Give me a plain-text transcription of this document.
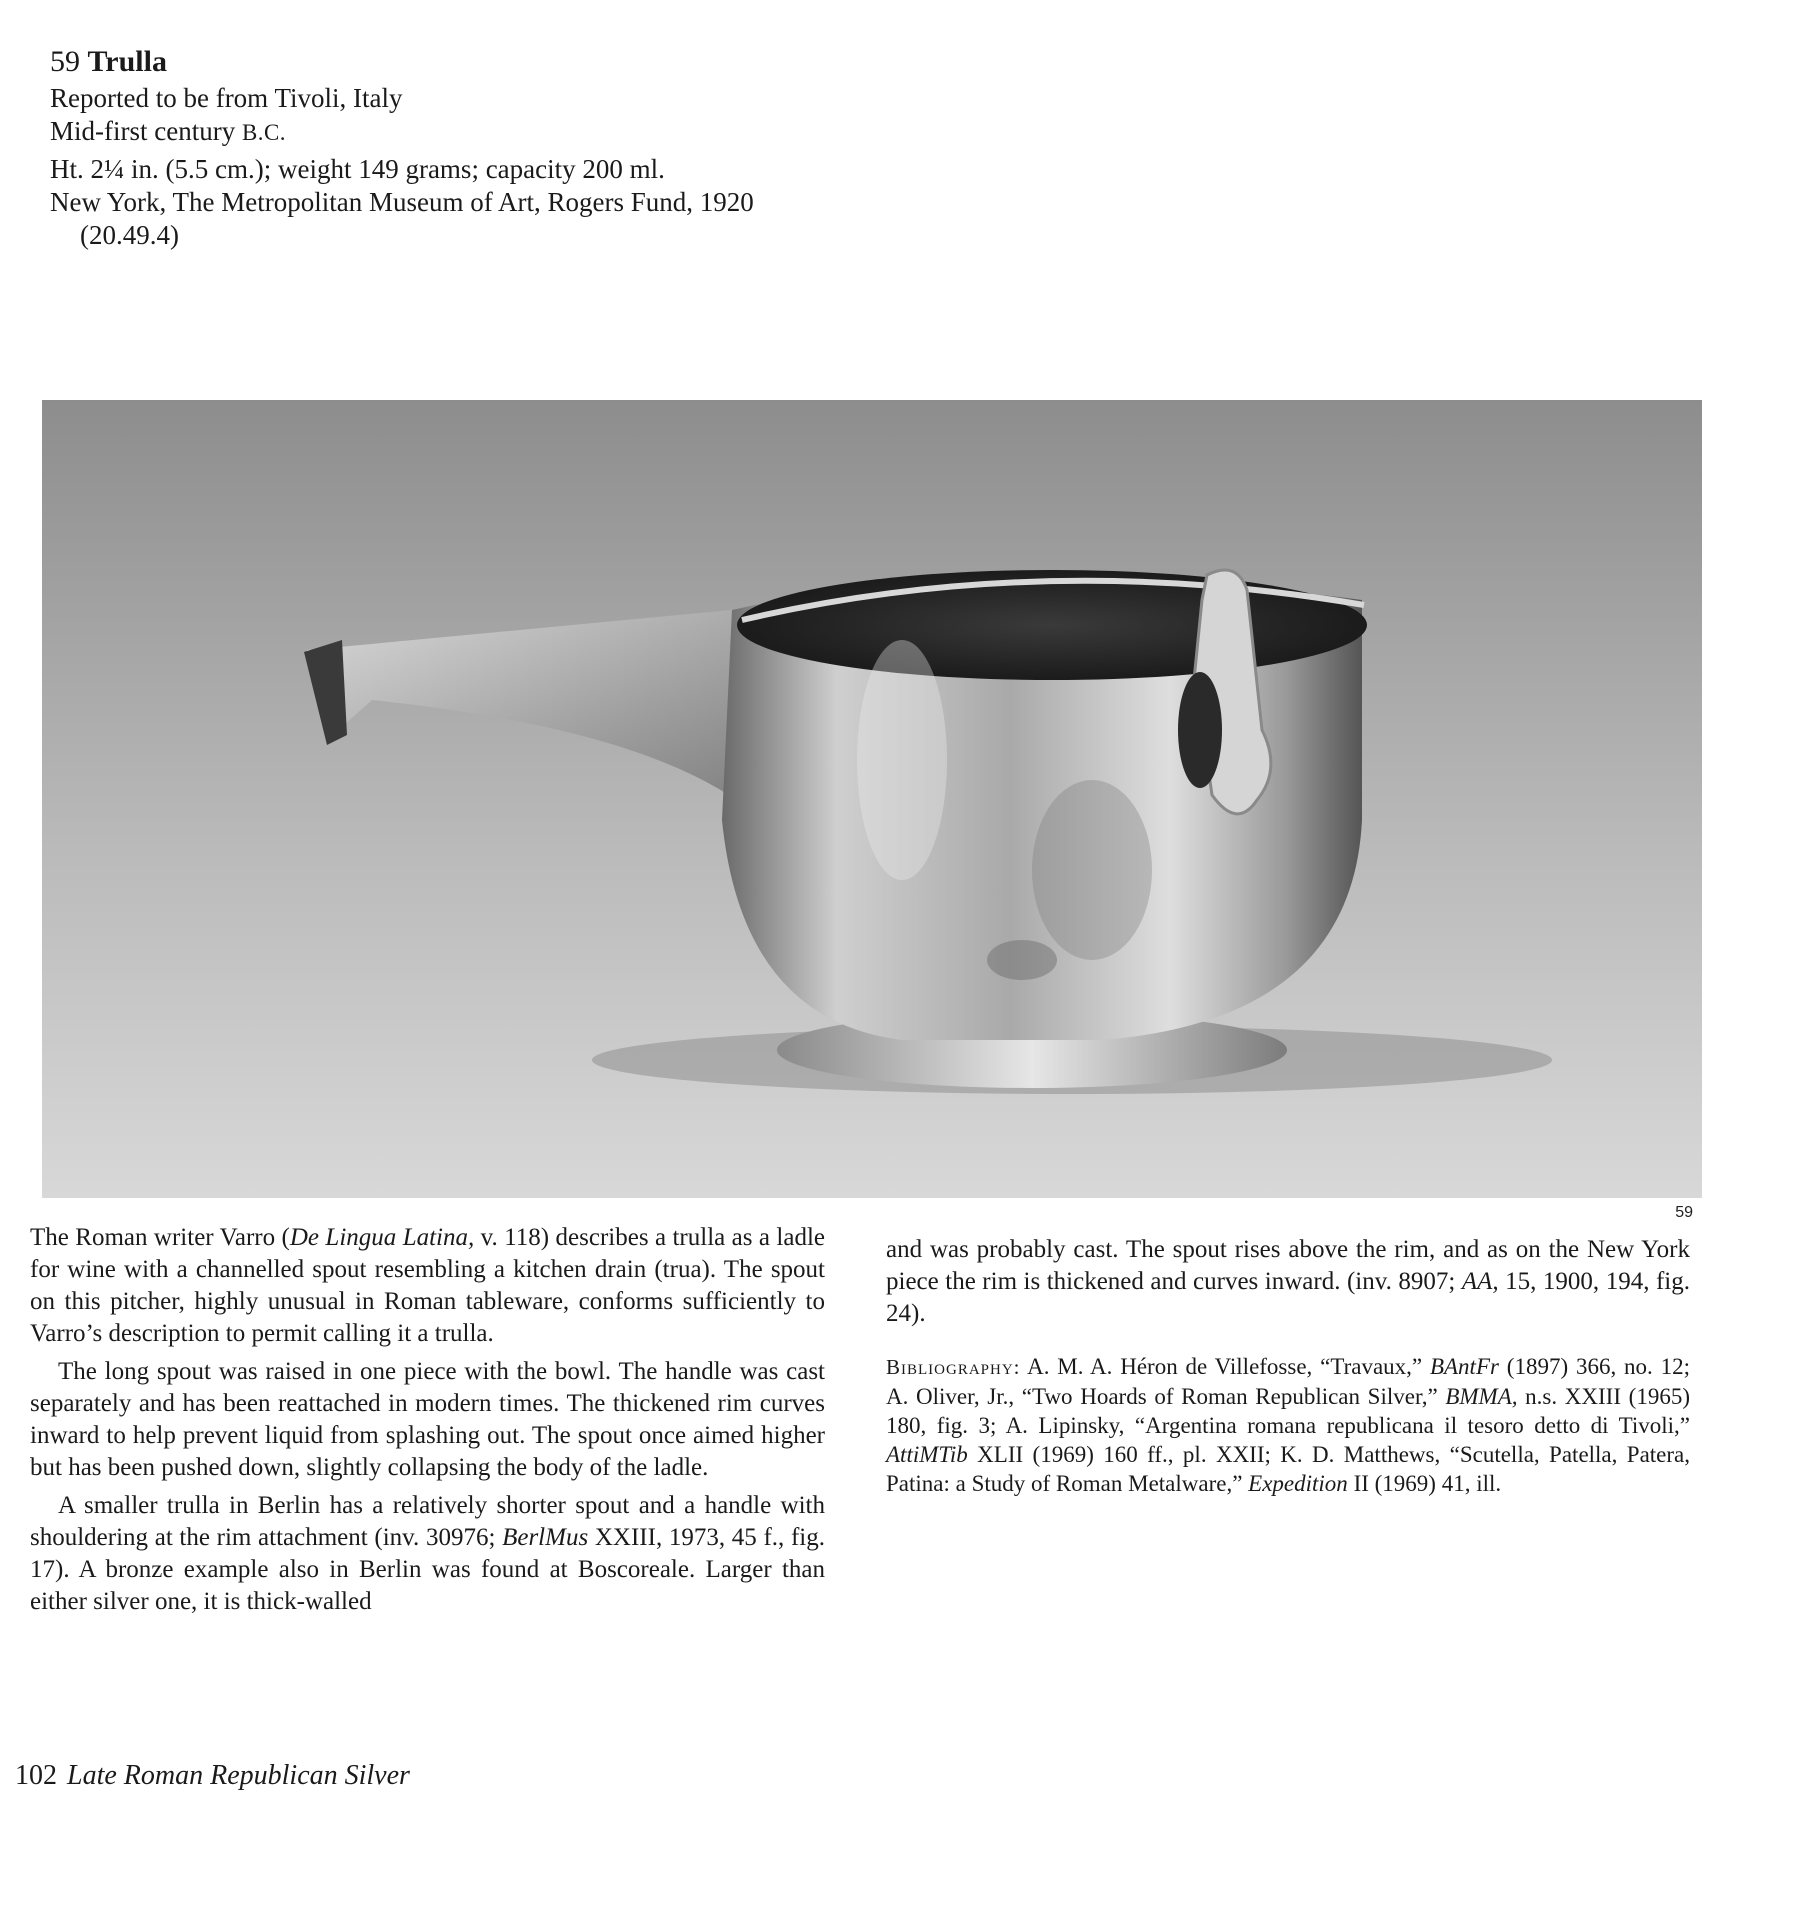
59 Trulla
Reported to be from Tivoli, Italy
Mid-first century B.C.
Ht. 2¼ in. (5.5 cm.); weight 149 grams; capacity 200 ml.
New York, The Metropolitan Museum of Art, Rogers Fund, 1920
(20.49.4)
59

The Roman writer Varro (De Lingua Latina, v. 118) describes a trulla as a ladle for wine with a channelled spout resembling a kitchen drain (trua). The spout on this pitcher, highly unusual in Roman tableware, conforms sufficiently to Varro’s description to permit calling it a trulla.

The long spout was raised in one piece with the bowl. The handle was cast separately and has been reattached in modern times. The thickened rim curves inward to help prevent liquid from splashing out. The spout once aimed higher but has been pushed down, slightly collapsing the body of the ladle.

A smaller trulla in Berlin has a relatively shorter spout and a handle with shouldering at the rim attachment (inv. 30976; BerlMus XXIII, 1973, 45 f., fig. 17). A bronze example also in Berlin was found at Boscoreale. Larger than either silver one, it is thick-walled

and was probably cast. The spout rises above the rim, and as on the New York piece the rim is thickened and curves inward. (inv. 8907; AA, 15, 1900, 194, fig. 24).

Bibliography: A. M. A. Héron de Villefosse, “Travaux,” BAntFr (1897) 366, no. 12; A. Oliver, Jr., “Two Hoards of Roman Republican Silver,” BMMA, n.s. XXIII (1965) 180, fig. 3; A. Lipinsky, “Argentina romana republicana il tesoro detto di Tivoli,” AttiMTib XLII (1969) 160 ff., pl. XXII; K. D. Matthews, “Scutella, Patella, Patera, Patina: a Study of Roman Metalware,” Expedition II (1969) 41, ill.

102 Late Roman Republican Silver
